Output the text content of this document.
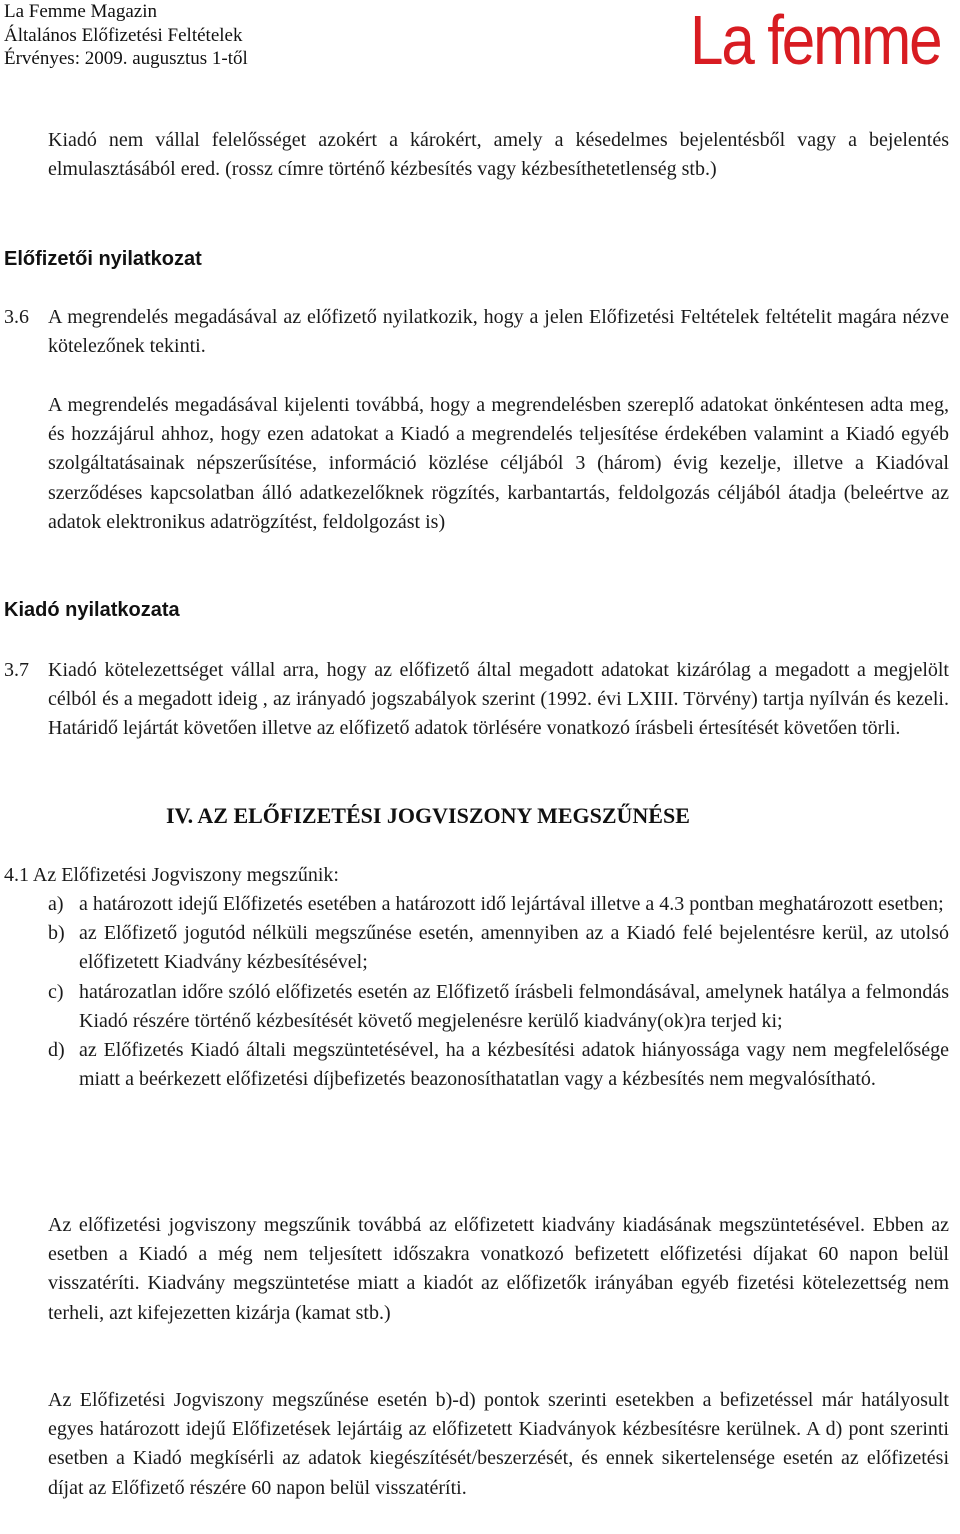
La Femme Magazin
Általános Előfizetési Feltételek
Érvényes: 2009. augusztus 1-től	La femme
Kiadó nem vállal felelősséget azokért a károkért, amely a késedelmes bejelentésből vagy a bejelentés elmulasztásából ered. (rossz címre történő kézbesítés vagy kézbesíthetetlenség stb.)
Előfizetői nyilatkozat
3.6 A megrendelés megadásával az előfizető nyilatkozik, hogy a jelen Előfizetési Feltételek feltételit magára nézve kötelezőnek tekinti.
A megrendelés megadásával kijelenti továbbá, hogy a megrendelésben szereplő adatokat önkéntesen adta meg, és hozzájárul ahhoz, hogy ezen adatokat a Kiadó a megrendelés teljesítése érdekében valamint a Kiadó egyéb szolgáltatásainak népszerűsítése, információ közlése céljából 3 (három) évig kezelje, illetve a Kiadóval szerződéses kapcsolatban álló adatkezelőknek rögzítés, karbantartás, feldolgozás céljából átadja (beleértve az adatok elektronikus adatrögzítést, feldolgozást is)
Kiadó nyilatkozata
3.7 Kiadó kötelezettséget vállal arra, hogy az előfizető által megadott adatokat kizárólag a megadott a megjelölt célból és a megadott ideig , az irányadó jogszabályok szerint (1992. évi LXIII. Törvény) tartja nyílván és kezeli. Határidő lejártát követően illetve az előfizető adatok törlésére vonatkozó írásbeli értesítését követően törli.
IV. AZ ELŐFIZETÉSI JOGVISZONY MEGSZŰNÉSE
4.1 Az Előfizetési Jogviszony megszűnik:
a) a határozott idejű Előfizetés esetében a határozott idő lejártával illetve a 4.3 pontban meghatározott esetben;
b) az Előfizető jogutód nélküli megszűnése esetén, amennyiben az a Kiadó felé bejelentésre kerül, az utolsó előfizetett Kiadvány kézbesítésével;
c) határozatlan időre szóló előfizetés esetén az Előfizető írásbeli felmondásával, amelynek hatálya a felmondás Kiadó részére történő kézbesítését követő megjelenésre kerülő kiadvány(ok)ra terjed ki;
d) az Előfizetés Kiadó általi megszüntetésével, ha a kézbesítési adatok hiányossága vagy nem megfelelősége miatt a beérkezett előfizetési díjbefizetés beazonosíthatatlan vagy a kézbesítés nem megvalósítható.
Az előfizetési jogviszony megszűnik továbbá az előfizetett kiadvány kiadásának megszüntetésével. Ebben az esetben a Kiadó a még nem teljesített időszakra vonatkozó befizetett előfizetési díjakat 60 napon belül visszatéríti. Kiadvány megszüntetése miatt a kiadót az előfizetők irányában egyéb fizetési kötelezettség nem terheli, azt kifejezetten kizárja (kamat stb.)
Az Előfizetési Jogviszony megszűnése esetén b)-d) pontok szerinti esetekben a befizetéssel már hatályosult egyes határozott idejű Előfizetések lejártáig az előfizetett Kiadványok kézbesítésre kerülnek. A d) pont szerinti esetben a Kiadó megkísérli az adatok kiegészítését/beszerzését, és ennek sikertelensége esetén az előfizetési díjat az Előfizető részére 60 napon belül visszatéríti.
